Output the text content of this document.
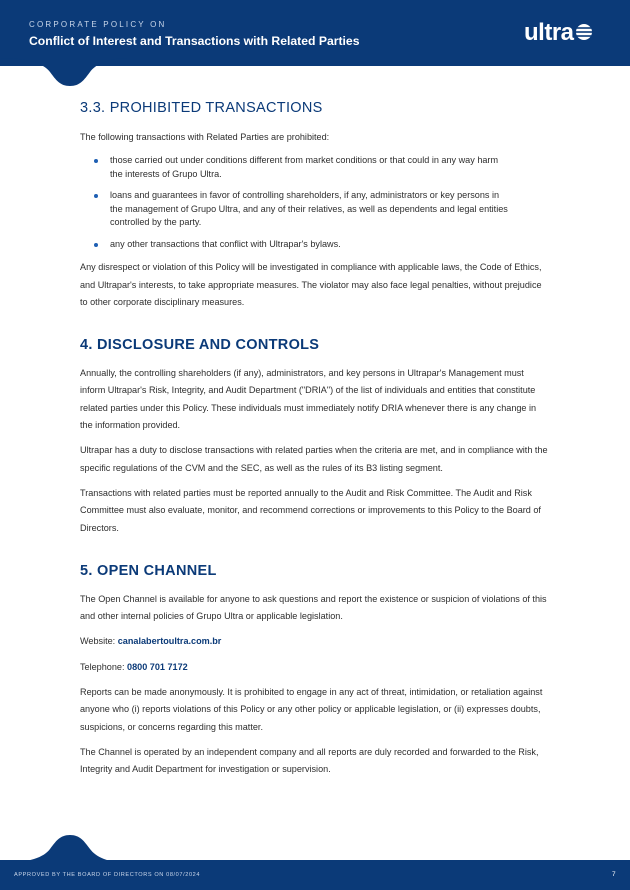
CORPORATE POLICY ON
Conflict of Interest and Transactions with Related Parties	ultra
3.3. PROHIBITED TRANSACTIONS

The following transactions with Related Parties are prohibited:

those carried out under conditions different from market conditions or that could in any way harm the interests of Grupo Ultra.
loans and guarantees in favor of controlling shareholders, if any, administrators or key persons in the management of Grupo Ultra, and any of their relatives, as well as dependents and legal entities controlled by the party.
any other transactions that conflict with Ultrapar's bylaws.

Any disrespect or violation of this Policy will be investigated in compliance with applicable laws, the Code of Ethics, and Ultrapar's interests, to take appropriate measures. The violator may also face legal penalties, without prejudice to other corporate disciplinary measures.

4. DISCLOSURE AND CONTROLS

Annually, the controlling shareholders (if any), administrators, and key persons in Ultrapar's Management must inform Ultrapar's Risk, Integrity, and Audit Department ("DRIA") of the list of individuals and entities that constitute related parties under this Policy. These individuals must immediately notify DRIA whenever there is any change in the information provided.

Ultrapar has a duty to disclose transactions with related parties when the criteria are met, and in compliance with the specific regulations of the CVM and the SEC, as well as the rules of its B3 listing segment.

Transactions with related parties must be reported annually to the Audit and Risk Committee. The Audit and Risk Committee must also evaluate, monitor, and recommend corrections or improvements to this Policy to the Board of Directors.

5. OPEN CHANNEL

The Open Channel is available for anyone to ask questions and report the existence or suspicion of violations of this and other internal policies of Grupo Ultra or applicable legislation.

Website: canalabertoultra.com.br

Telephone: 0800 701 7172

Reports can be made anonymously. It is prohibited to engage in any act of threat, intimidation, or retaliation against anyone who (i) reports violations of this Policy or any other policy or applicable legislation, or (ii) expresses doubts, suspicions, or concerns regarding this matter.

The Channel is operated by an independent company and all reports are duly recorded and forwarded to the Risk, Integrity and Audit Department for investigation or supervision.

APPROVED BY THE BOARD OF DIRECTORS ON 08/07/2024	7
